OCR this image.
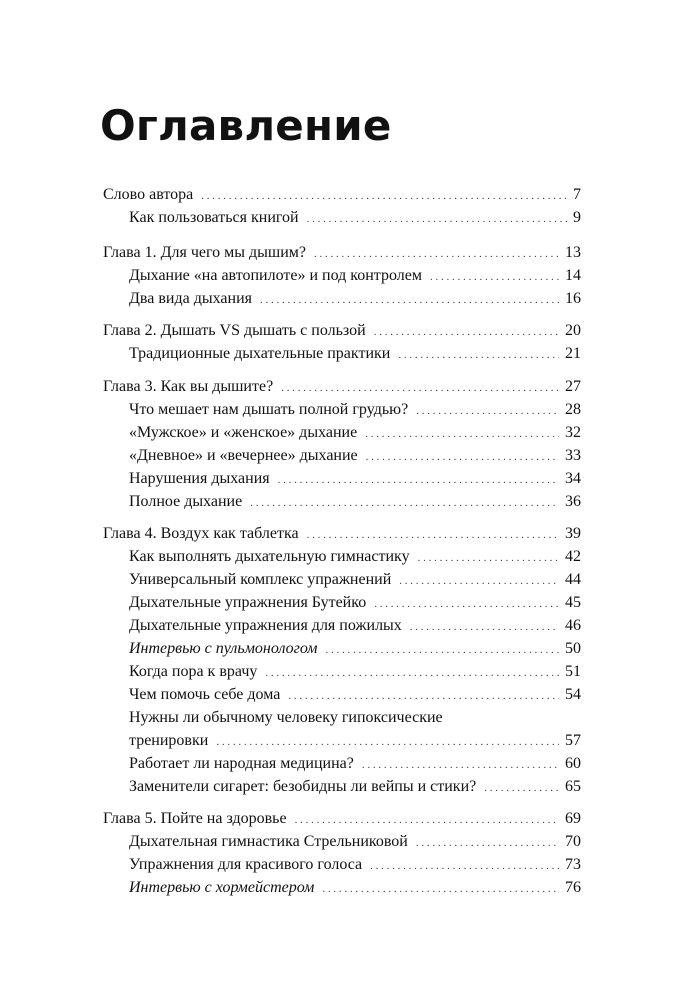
Оглавление
Слово автора . . .	7
Как пользоваться книгой . . .	9
Глава 1. Для чего мы дышим? . . .	13
Дыхание «на автопилоте» и под контролем . . .	14
Два вида дыхания . . .	16
Глава 2. Дышать VS дышать с пользой . . .	20
Традиционные дыхательные практики . . .	21
Глава 3. Как вы дышите? . . .	27
Что мешает нам дышать полной грудью? . . .	28
«Мужское» и «женское» дыхание . . .	32
«Дневное» и «вечернее» дыхание . . .	33
Нарушения дыхания . . .	34
Полное дыхание . . .	36
Глава 4. Воздух как таблетка . . .	39
Как выполнять дыхательную гимнастику . . .	42
Универсальный комплекс упражнений . . .	44
Дыхательные упражнения Бутейко . . .	45
Дыхательные упражнения для пожилых . . .	46
Интервью с пульмонологом . . .	50
Когда пора к врачу . . .	51
Чем помочь себе дома . . .	54
Нужны ли обычному человеку гипоксические
тренировки . . .	57
Работает ли народная медицина? . . .	60
Заменители сигарет: безобидны ли вейпы и стики? . . .	65
Глава 5. Пойте на здоровье . . .	69
Дыхательная гимнастика Стрельниковой . . .	70
Упражнения для красивого голоса . . .	73
Интервью с хормейстером . . .	76
